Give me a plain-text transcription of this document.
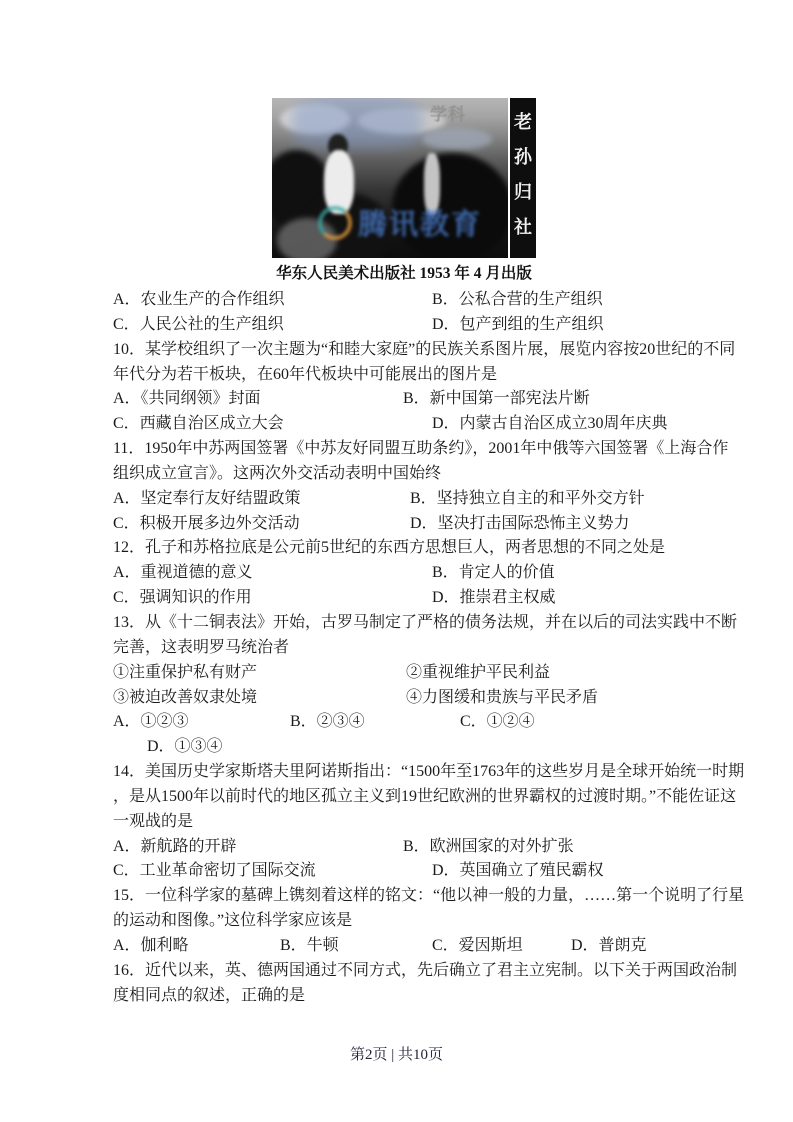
学科
腾讯教育
老
孙
归
社
华东人民美术出版社 1953 年 4 月出版
A．农业生产的合作组织	B．公私合营的生产组织
C．人民公社的生产组织	D．包产到组的生产组织
10．某学校组织了一次主题为“和睦大家庭”的民族关系图片展，展览内容按20世纪的不同
年代分为若干板块，在60年代板块中可能展出的图片是
A．《共同纲领》封面	B．新中国第一部宪法片断
C．西藏自治区成立大会	D．内蒙古自治区成立30周年庆典
11．1950年中苏两国签署《中苏友好同盟互助条约》，2001年中俄等六国签署《上海合作
组织成立宣言》。这两次外交活动表明中国始终
A．坚定奉行友好结盟政策	B．坚持独立自主的和平外交方针
C．积极开展多边外交活动	D．坚决打击国际恐怖主义势力
12．孔子和苏格拉底是公元前5世纪的东西方思想巨人，两者思想的不同之处是
A．重视道德的意义	B．肯定人的价值
C．强调知识的作用	D．推崇君主权威
13．从《十二铜表法》开始，古罗马制定了严格的债务法规，并在以后的司法实践中不断
完善，这表明罗马统治者
①注重保护私有财产	②重视维护平民利益
③被迫改善奴隶处境	④力图缓和贵族与平民矛盾
A．①②③	B．②③④	C．①②④
D．①③④
14．美国历史学家斯塔夫里阿诺斯指出：“1500年至1763年的这些岁月是全球开始统一时期
，是从1500年以前时代的地区孤立主义到19世纪欧洲的世界霸权的过渡时期。”不能佐证这
一观战的是
A．新航路的开辟	B．欧洲国家的对外扩张
C．工业革命密切了国际交流	D．英国确立了殖民霸权
15．一位科学家的墓碑上镌刻着这样的铭文：“他以神一般的力量，……第一个说明了行星
的运动和图像。”这位科学家应该是
A．伽利略	B．牛顿	C．爱因斯坦	D．普朗克
16．近代以来，英、德两国通过不同方式，先后确立了君主立宪制。以下关于两国政治制
度相同点的叙述，正确的是
第2页 | 共10页
